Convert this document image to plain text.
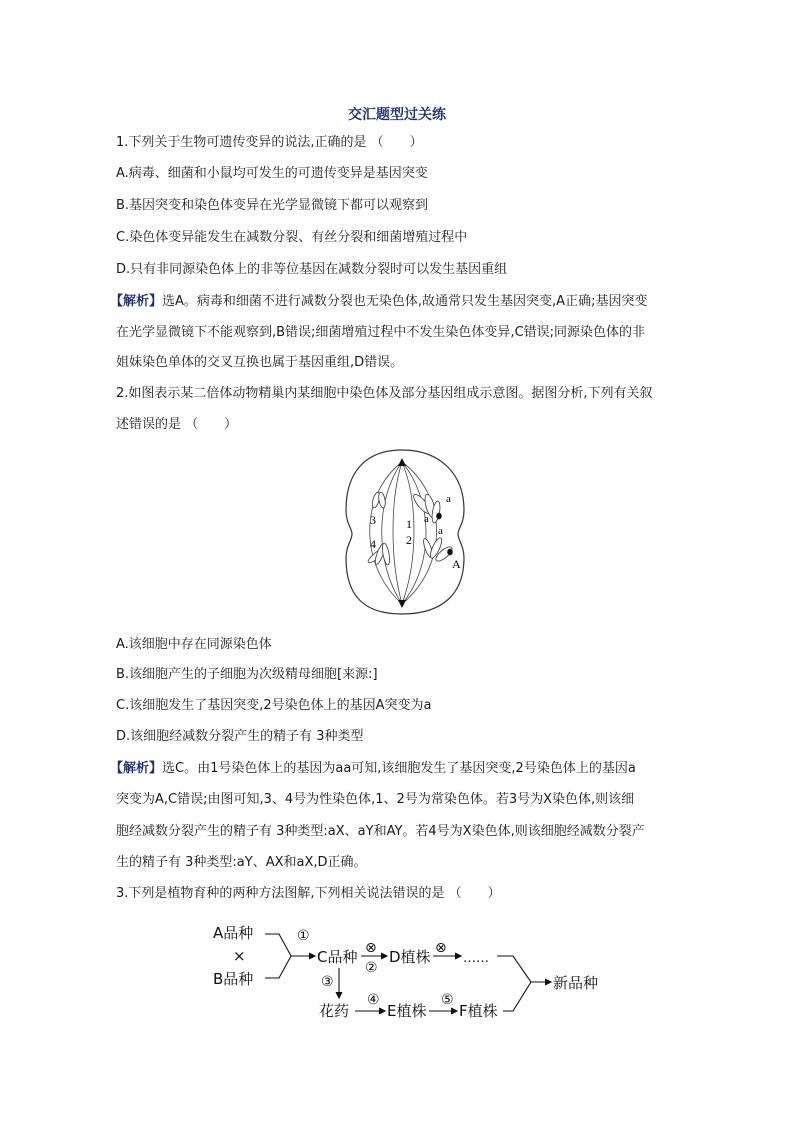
交汇题型过关练
1.下列关于生物可遗传变异的说法,正确的是 （　　）
A.病毒、细菌和小鼠均可发生的可遗传变异是基因突变
B.基因突变和染色体变异在光学显微镜下都可以观察到
C.染色体变异能发生在减数分裂、有丝分裂和细菌增殖过程中
D.只有非同源染色体上的非等位基因在减数分裂时可以发生基因重组
【解析】选A。病毒和细菌不进行减数分裂也无染色体,故通常只发生基因突变,A正确;基因突变
在光学显微镜下不能观察到,B错误;细菌增殖过程中不发生染色体变异,C错误;同源染色体的非
姐妹染色单体的交叉互换也属于基因重组,D错误。
2.如图表示某二倍体动物精巢内某细胞中染色体及部分基因组成示意图。据图分析,下列有关叙
述错误的是 （　　）
3
4
1
2
a
a
a
A
A.该细胞中存在同源染色体
B.该细胞产生的子细胞为次级精母细胞[来源:]
C.该细胞发生了基因突变,2号染色体上的基因A突变为a
D.该细胞经减数分裂产生的精子有 3种类型
【解析】选C。由1号染色体上的基因为aa可知,该细胞发生了基因突变,2号染色体上的基因a
突变为A,C错误;由图可知,3、4号为性染色体,1、2号为常染色体。若3号为X染色体,则该细
胞经减数分裂产生的精子有 3种类型:aX、aY和AY。若4号为X染色体,则该细胞经减数分裂产
生的精子有 3种类型:aY、AX和aX,D正确。
3.下列是植物育种的两种方法图解,下列相关说法错误的是 （　　）
A品种
×
B品种
①
C品种 ⊗
②
D植株 ⊗
……
③
花药
④
E植株
⑤
F植株
新品种
